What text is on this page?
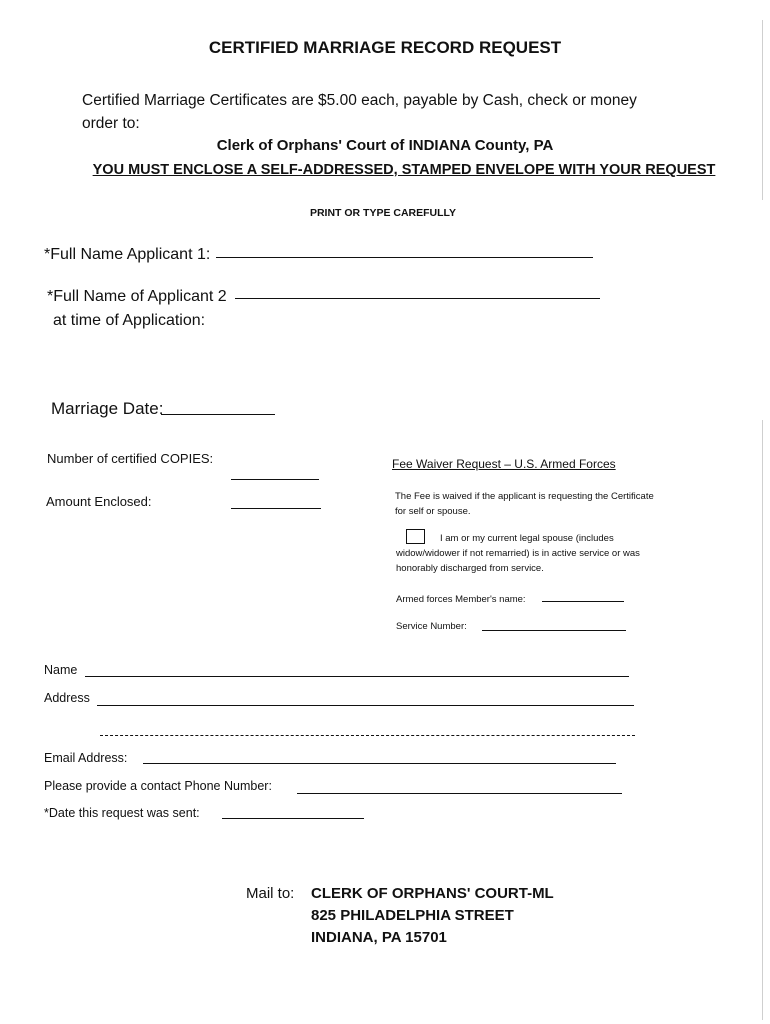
CERTIFIED MARRIAGE RECORD REQUEST
Certified Marriage Certificates are $5.00 each, payable by Cash, check or money
order to:
Clerk of Orphans' Court of INDIANA County, PA
YOU MUST ENCLOSE A SELF-ADDRESSED, STAMPED ENVELOPE WITH YOUR REQUEST
PRINT OR TYPE CAREFULLY
*Full Name Applicant 1:
*Full Name of Applicant 2
at time of Application:
Marriage Date:
Number of certified COPIES:
Amount Enclosed:
Fee Waiver Request – U.S. Armed Forces
The Fee is waived if the applicant is requesting the Certificate
for self or spouse.
I am or my current legal spouse (includes
widow/widower if not remarried) is in active service or was
honorably discharged from service.
Armed forces Member's name:
Service Number:
Name
Address
Email Address:
Please provide a contact Phone Number:
*Date this request was sent:
Mail to: CLERK OF ORPHANS' COURT-ML
825 PHILADELPHIA STREET
INDIANA, PA 15701
